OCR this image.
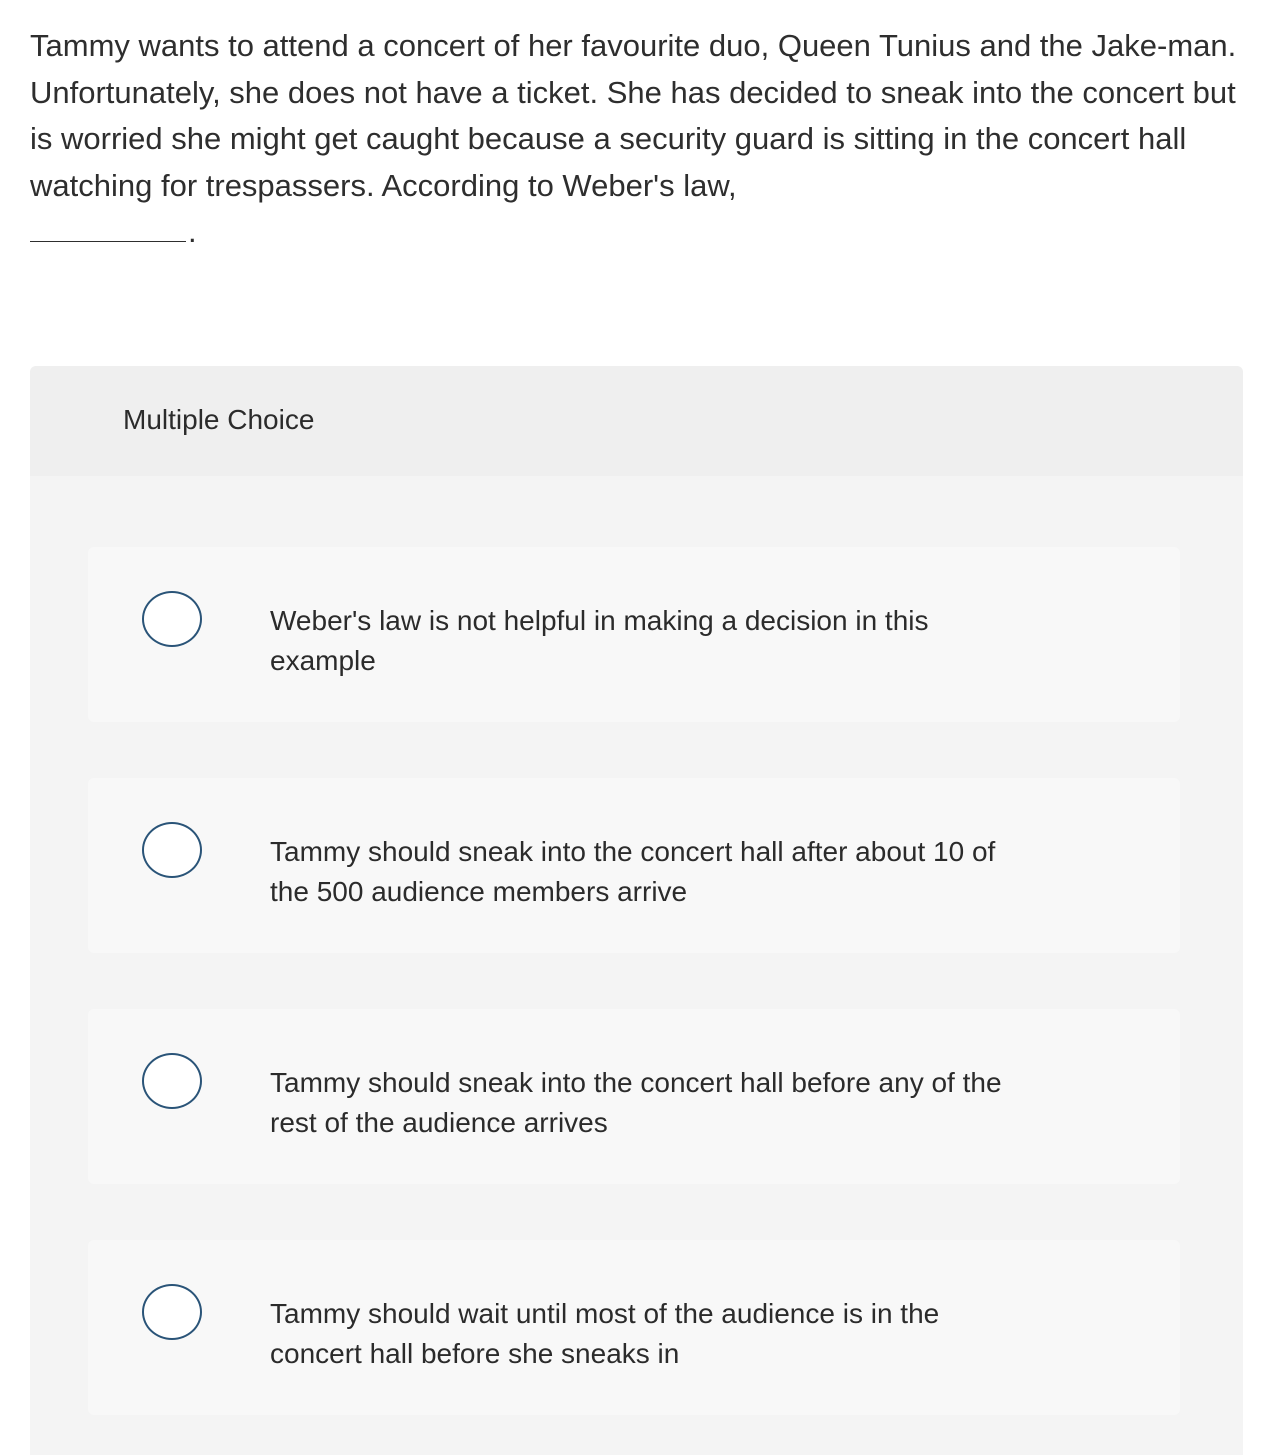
Tammy wants to attend a concert of her favourite duo, Queen Tunius and the Jake-man. Unfortunately, she does not have a ticket. She has decided to sneak into the concert but is worried she might get caught because a security guard is sitting in the concert hall watching for trespassers. According to Weber's law,
.

Multiple Choice
Weber's law is not helpful in making a decision in this example
Tammy should sneak into the concert hall after about 10 of the 500 audience members arrive
Tammy should sneak into the concert hall before any of the rest of the audience arrives
Tammy should wait until most of the audience is in the concert hall before she sneaks in
